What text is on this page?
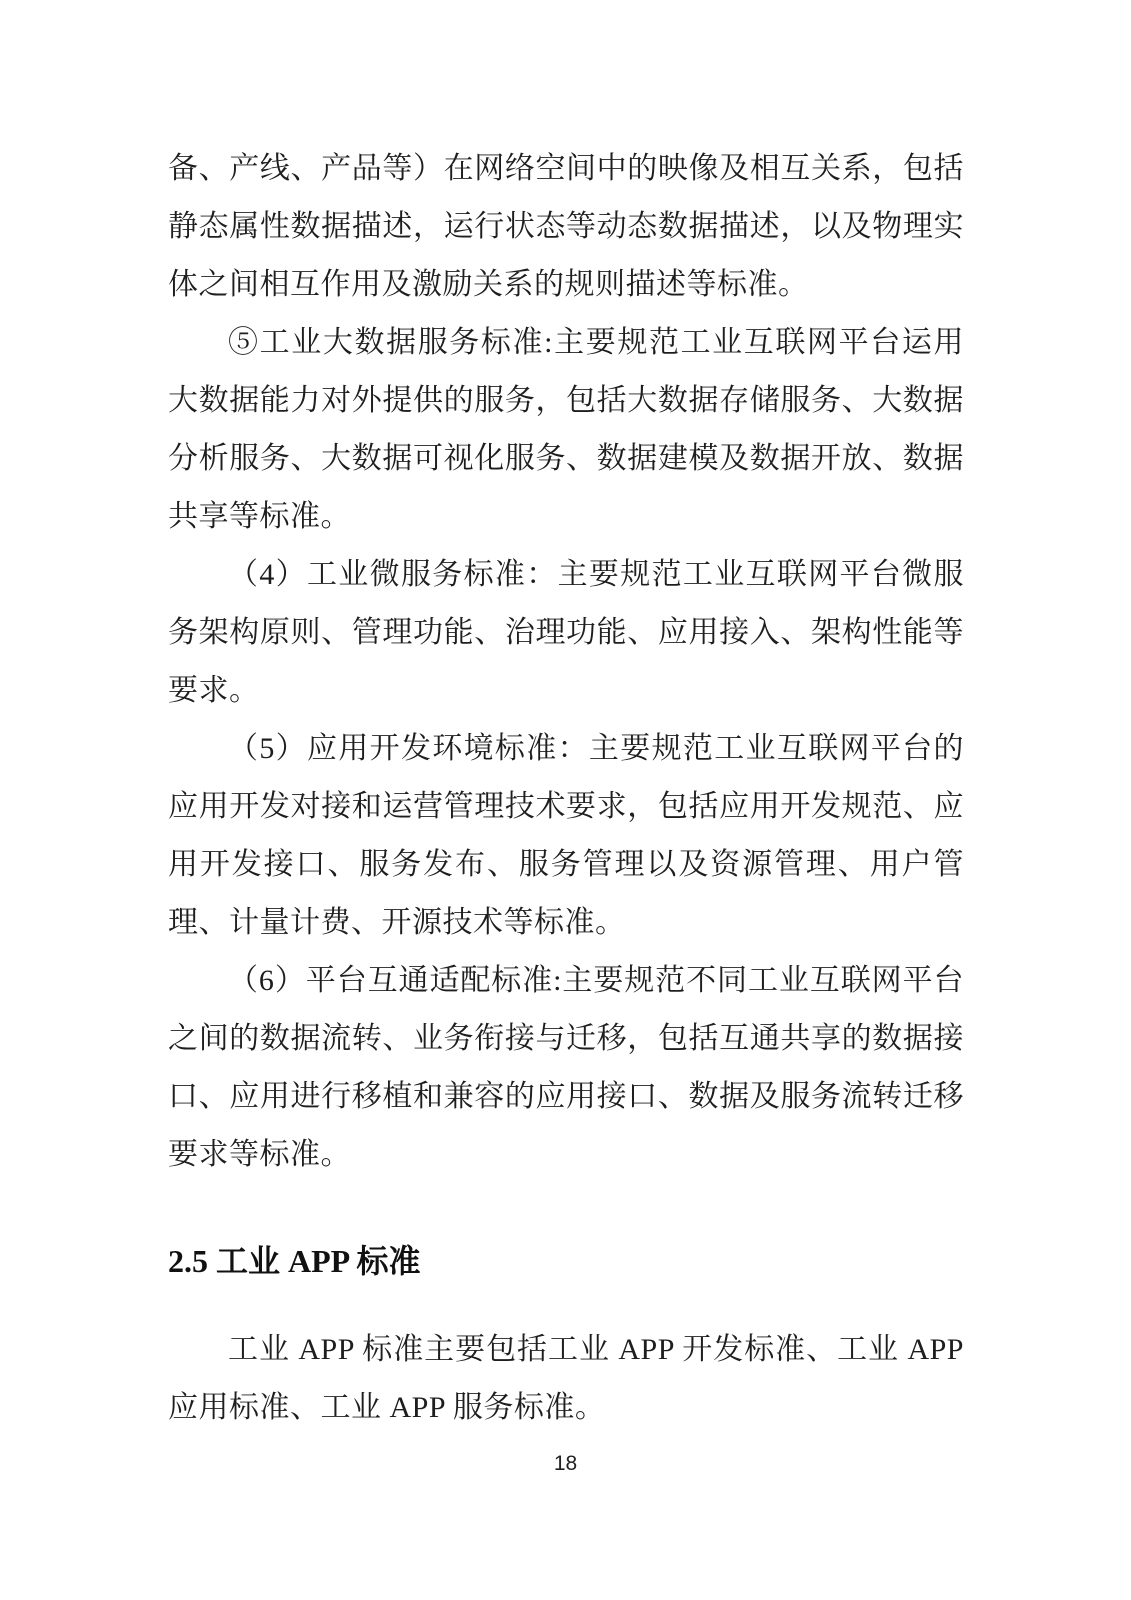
备、产线、产品等）在网络空间中的映像及相互关系，包括静态属性数据描述，运行状态等动态数据描述，以及物理实体之间相互作用及激励关系的规则描述等标准。

⑤工业大数据服务标准:主要规范工业互联网平台运用大数据能力对外提供的服务，包括大数据存储服务、大数据分析服务、大数据可视化服务、数据建模及数据开放、数据共享等标准。

（4）工业微服务标准：主要规范工业互联网平台微服务架构原则、管理功能、治理功能、应用接入、架构性能等要求。

（5）应用开发环境标准：主要规范工业互联网平台的应用开发对接和运营管理技术要求，包括应用开发规范、应用开发接口、服务发布、服务管理以及资源管理、用户管理、计量计费、开源技术等标准。

（6）平台互通适配标准:主要规范不同工业互联网平台之间的数据流转、业务衔接与迁移，包括互通共享的数据接口、应用进行移植和兼容的应用接口、数据及服务流转迁移要求等标准。

2.5 工业 APP 标准

工业 APP 标准主要包括工业 APP 开发标准、工业 APP 应用标准、工业 APP 服务标准。

18
